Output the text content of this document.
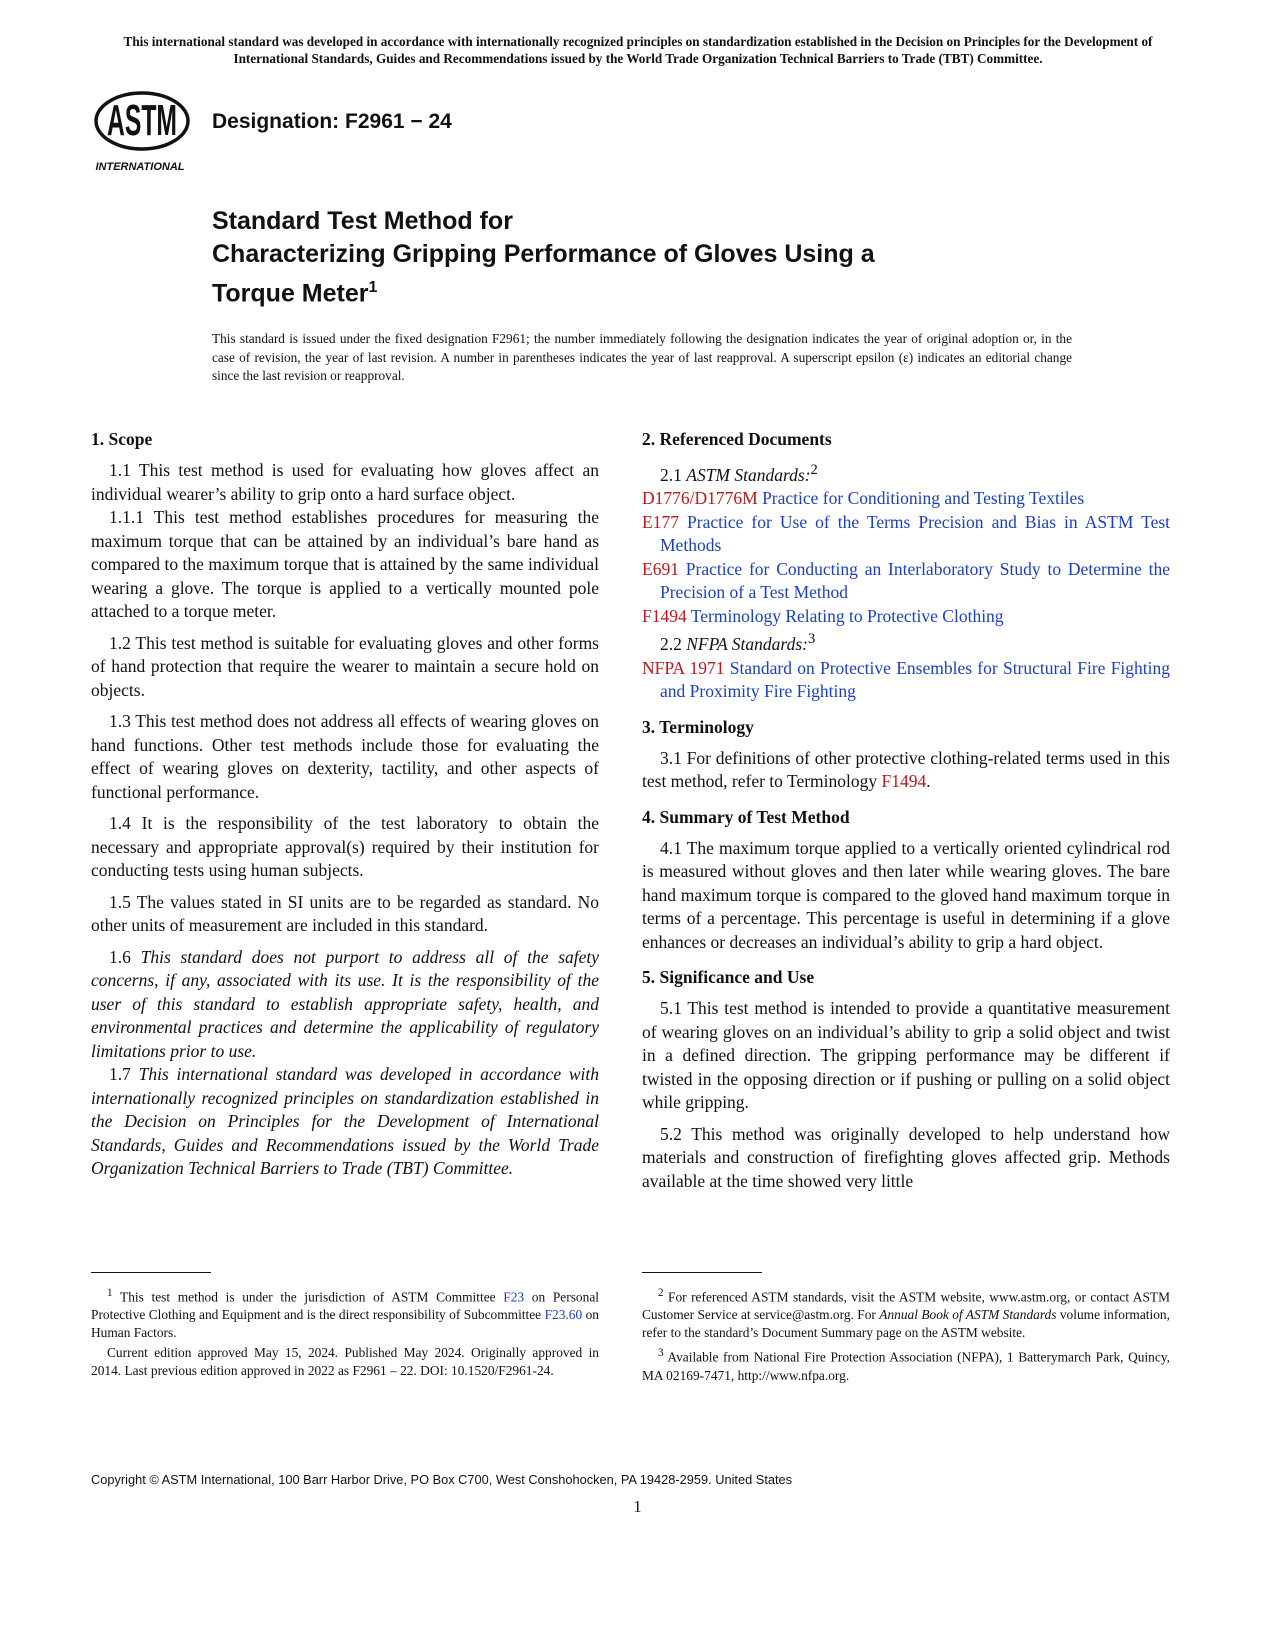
This international standard was developed in accordance with internationally recognized principles on standardization established in the Decision on Principles for the Development of International Standards, Guides and Recommendations issued by the World Trade Organization Technical Barriers to Trade (TBT) Committee.
ASTM
INTERNATIONAL
Designation: F2961 − 24
Standard Test Method for
Characterizing Gripping Performance of Gloves Using a
Torque Meter$^1$
This standard is issued under the fixed designation F2961; the number immediately following the designation indicates the year of original adoption or, in the case of revision, the year of last revision. A number in parentheses indicates the year of last reapproval. A superscript epsilon (ε) indicates an editorial change since the last revision or reapproval.
1. Scope

1.1 This test method is used for evaluating how gloves affect an individual wearer’s ability to grip onto a hard surface object.

1.1.1 This test method establishes procedures for measuring the maximum torque that can be attained by an individual’s bare hand as compared to the maximum torque that is attained by the same individual wearing a glove. The torque is applied to a vertically mounted pole attached to a torque meter.

1.2 This test method is suitable for evaluating gloves and other forms of hand protection that require the wearer to maintain a secure hold on objects.

1.3 This test method does not address all effects of wearing gloves on hand functions. Other test methods include those for evaluating the effect of wearing gloves on dexterity, tactility, and other aspects of functional performance.

1.4 It is the responsibility of the test laboratory to obtain the necessary and appropriate approval(s) required by their institution for conducting tests using human subjects.

1.5 The values stated in SI units are to be regarded as standard. No other units of measurement are included in this standard.

1.6 This standard does not purport to address all of the safety concerns, if any, associated with its use. It is the responsibility of the user of this standard to establish appropriate safety, health, and environmental practices and determine the applicability of regulatory limitations prior to use.

1.7 This international standard was developed in accordance with internationally recognized principles on standardization established in the Decision on Principles for the Development of International Standards, Guides and Recommendations issued by the World Trade Organization Technical Barriers to Trade (TBT) Committee.

2. Referenced Documents
2.1 ASTM Standards:$^2$
D1776/D1776M Practice for Conditioning and Testing Textiles
E177 Practice for Use of the Terms Precision and Bias in ASTM Test Methods
E691 Practice for Conducting an Interlaboratory Study to Determine the Precision of a Test Method
F1494 Terminology Relating to Protective Clothing
2.2 NFPA Standards:$^3$
NFPA 1971 Standard on Protective Ensembles for Structural Fire Fighting and Proximity Fire Fighting
3. Terminology

3.1 For definitions of other protective clothing-related terms used in this test method, refer to Terminology F1494.

4. Summary of Test Method

4.1 The maximum torque applied to a vertically oriented cylindrical rod is measured without gloves and then later while wearing gloves. The bare hand maximum torque is compared to the gloved hand maximum torque in terms of a percentage. This percentage is useful in determining if a glove enhances or decreases an individual’s ability to grip a hard object.

5. Significance and Use

5.1 This test method is intended to provide a quantitative measurement of wearing gloves on an individual’s ability to grip a solid object and twist in a defined direction. The gripping performance may be different if twisted in the opposing direction or if pushing or pulling on a solid object while gripping.

5.2 This method was originally developed to help understand how materials and construction of firefighting gloves affected grip. Methods available at the time showed very little

$^1$ This test method is under the jurisdiction of ASTM Committee F23 on Personal Protective Clothing and Equipment and is the direct responsibility of Subcommittee F23.60 on Human Factors.

Current edition approved May 15, 2024. Published May 2024. Originally approved in 2014. Last previous edition approved in 2022 as F2961 – 22. DOI: 10.1520/F2961-24.

$^2$ For referenced ASTM standards, visit the ASTM website, www.astm.org, or contact ASTM Customer Service at service@astm.org. For Annual Book of ASTM Standards volume information, refer to the standard’s Document Summary page on the ASTM website.

$^3$ Available from National Fire Protection Association (NFPA), 1 Batterymarch Park, Quincy, MA 02169-7471, http://www.nfpa.org.

Copyright © ASTM International, 100 Barr Harbor Drive, PO Box C700, West Conshohocken, PA 19428-2959. United States
1
